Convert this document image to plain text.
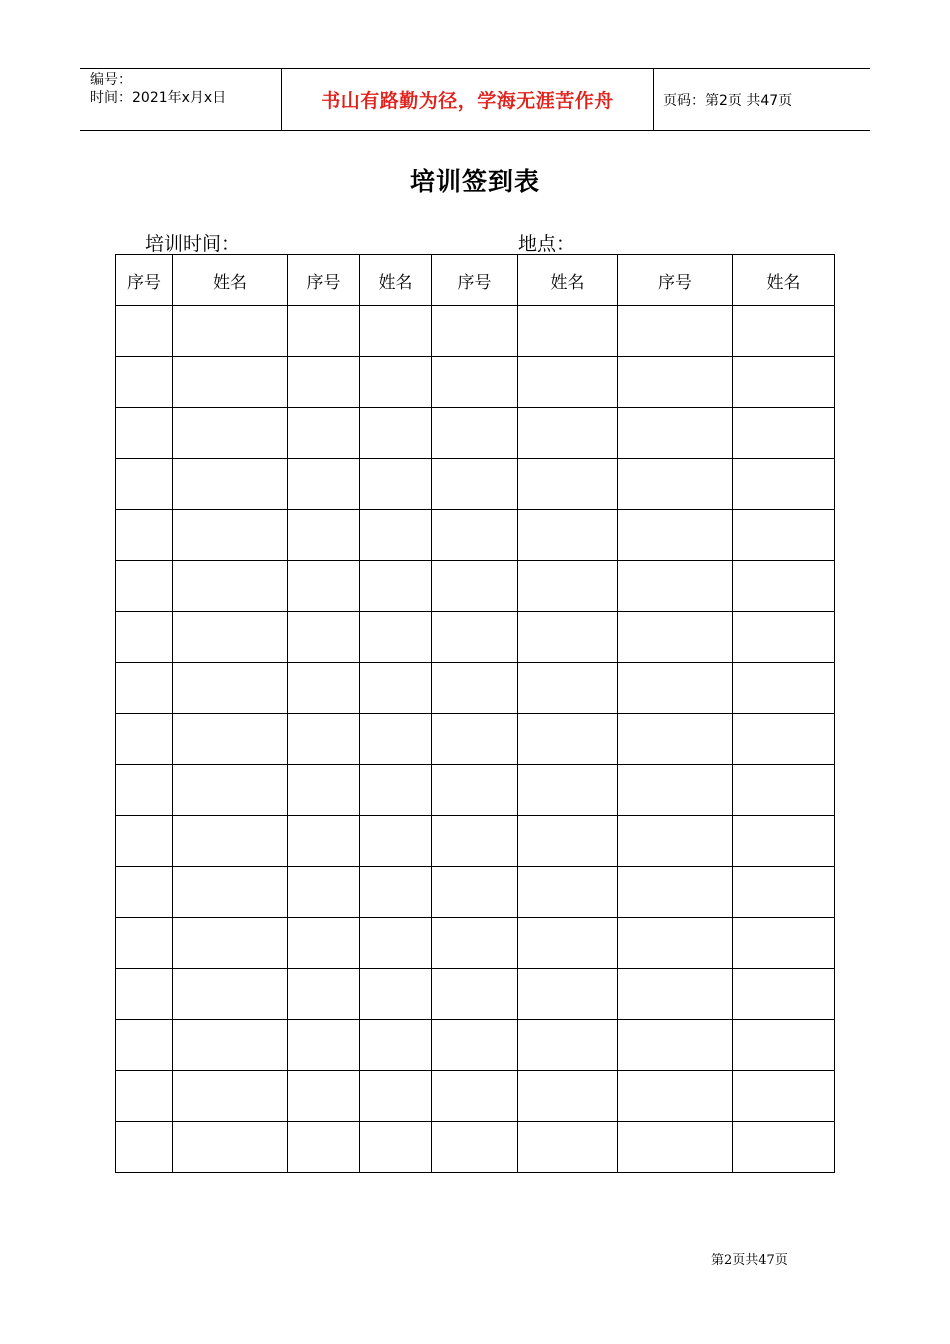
编号：
时间：2021年x月x日	书山有路勤为径，学海无涯苦作舟	页码：第2页 共47页
培训签到表
培训时间：	地点：
序号	姓名	序号	姓名	序号	姓名	序号	姓名

第2页共47页
